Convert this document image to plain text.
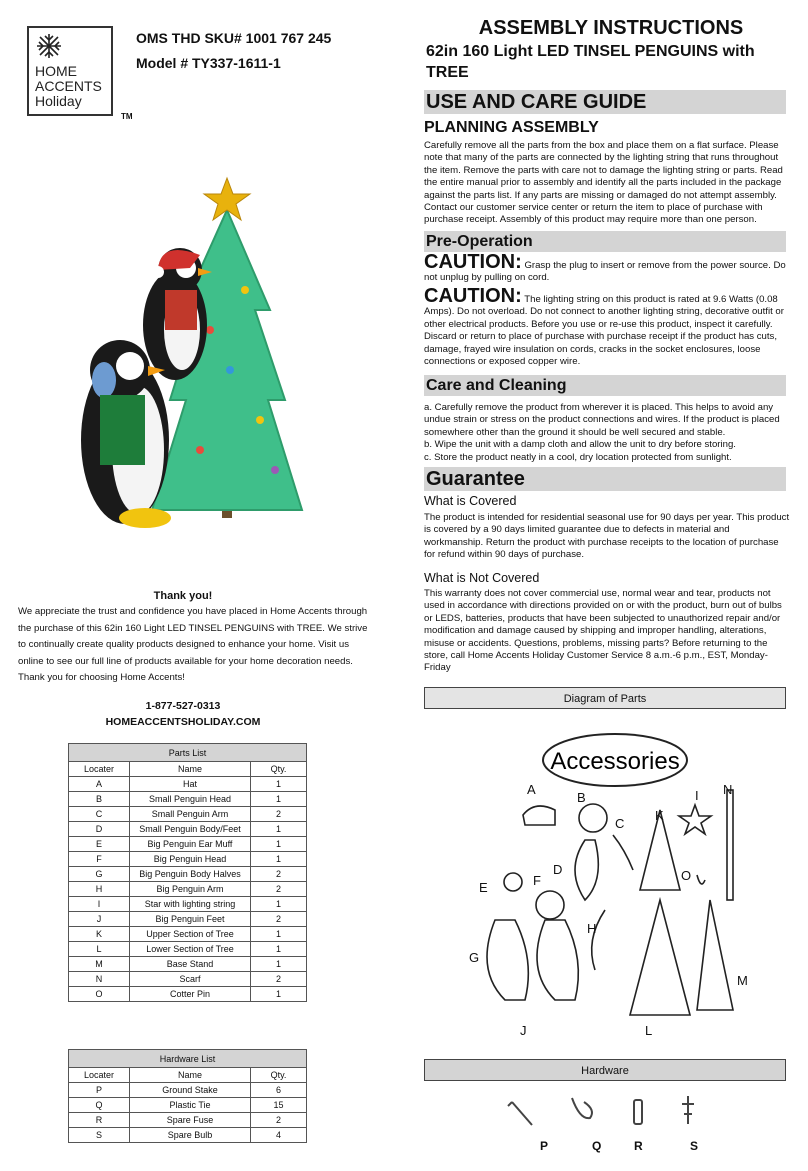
HOME
ACCENTS
Holiday
TM
OMS THD SKU# 1001 767 245
Model # TY337-1611-1
ASSEMBLY INSTRUCTIONS
62in 160 Light LED TINSEL PENGUINS with TREE
USE AND CARE GUIDE
PLANNING ASSEMBLY
Carefully remove all the parts from the box and place them on a flat surface. Please note that many of the parts are connected by the lighting string that runs throughout the item. Remove the parts with care not to damage the lighting string or parts. Read the entire manual prior to assembly and identify all the parts included in the package against the parts list. If any parts are missing or damaged do not attempt assembly. Contact our customer service center or return the item to place of purchase with purchase receipt. Assembly of this product may require more than one person.
Pre-Operation
CAUTION: Grasp the plug to insert or remove from the power source. Do not unplug by pulling on cord.
CAUTION: The lighting string on this product is rated at 9.6 Watts (0.08 Amps). Do not overload. Do not connect to another lighting string, decorative outfit or other electrical products. Before you use or re-use this product, inspect it carefully. Discard or return to place of purchase with purchase receipt if the product has cuts, damage, frayed wire insulation on cords, cracks in the socket enclosures, loose connections or exposed copper wire.
Care and Cleaning
a. Carefully remove the product from wherever it is placed. This helps to avoid any undue strain or stress on the product connections and wires. If the product is placed somewhere other than the ground it should be well secured and stable.
b. Wipe the unit with a damp cloth and allow the unit to dry before storing.
c. Store the product neatly in a cool, dry location protected from sunlight.
Guarantee
What is Covered
The product is intended for residential seasonal use for 90 days per year. This product is covered by a 90 days limited guarantee due to defects in material and workmanship. Return the product with purchase receipts to the location of purchase for refund within 90 days of purchase.
What is Not Covered
This warranty does not cover commercial use, normal wear and tear, products not used in accordance with directions provided on or with the product, burn out of bulbs or LEDS, batteries, products that have been subjected to unauthorized repair and/or modification and damage caused by shipping and improper handling, alterations, misuse or accidents. Questions, problems, missing parts? Before returning to the store, call Home Accents Holiday Customer Service 8 a.m.-6 p.m., EST, Monday-Friday
Thank you!
We appreciate the trust and confidence you have placed in Home Accents through the purchase of this 62in 160 Light LED TINSEL PENGUINS with TREE. We strive to continually create quality products designed to enhance your home. Visit us online to see our full line of products available for your home decoration needs. Thank you for choosing Home Accents!
1-877-527-0313
HOMEACCENTSHOLIDAY.COM
Parts List		
Locater	Name	Qty.
A	Hat	1
B	Small Penguin Head	1
C	Small Penguin Arm	2
D	Small Penguin Body/Feet	1
E	Big Penguin Ear Muff	1
F	Big Penguin Head	1
G	Big Penguin Body Halves	2
H	Big Penguin Arm	2
I	Star with lighting string	1
J	Big Penguin Feet	2
K	Upper Section of Tree	1
L	Lower Section of Tree	1
M	Base Stand	1
N	Scarf	2
O	Cotter Pin	1
Hardware List		
Locater	Name	Qty.
P	Ground Stake	6
Q	Plastic Tie	15
R	Spare Fuse	2
S	Spare Bulb	4
Diagram of Parts
Accessories
A
B
C
D
E	F
G
H
I
J
K
L
M
N
O
Hardware
P	Q	R	S
